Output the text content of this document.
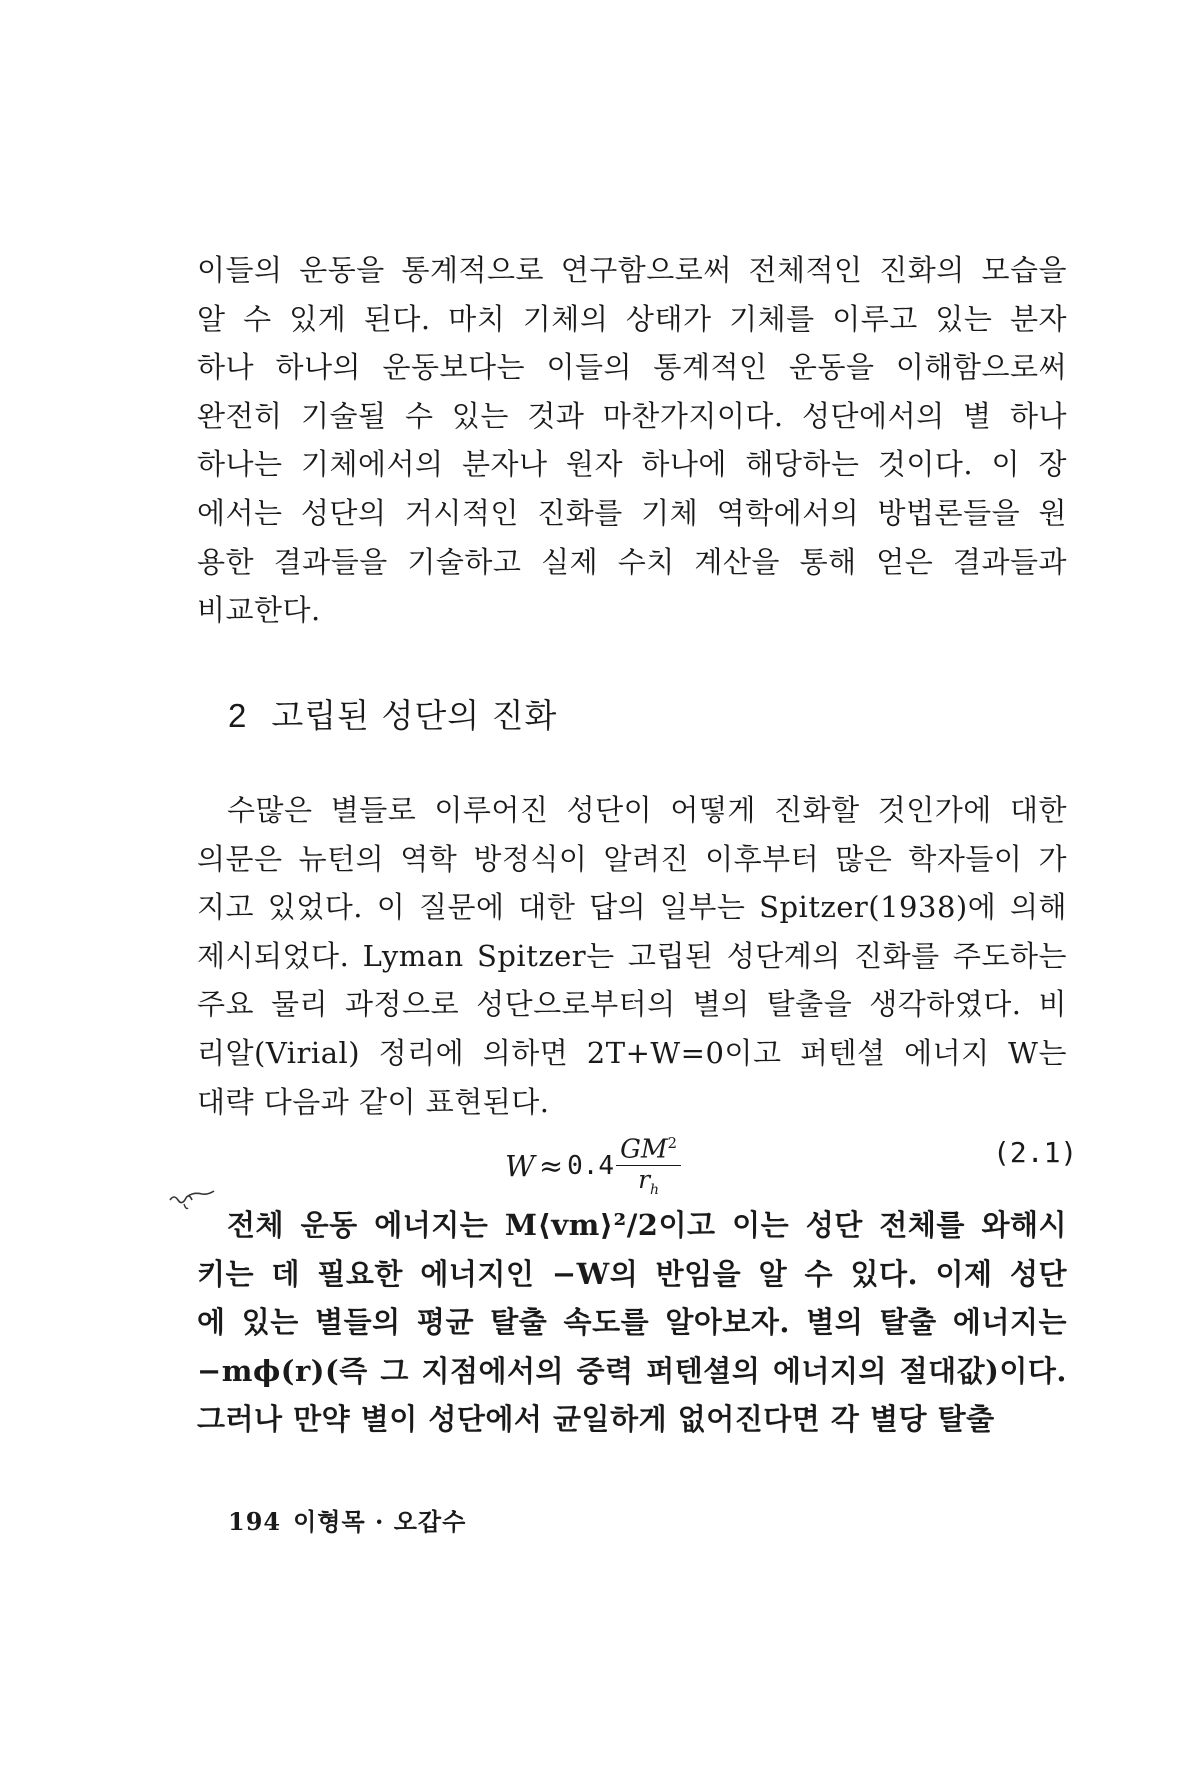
이들의 운동을 통계적으로 연구함으로써 전체적인 진화의 모습을
알 수 있게 된다. 마치 기체의 상태가 기체를 이루고 있는 분자
하나 하나의 운동보다는 이들의 통계적인 운동을 이해함으로써
완전히 기술될 수 있는 것과 마찬가지이다. 성단에서의 별 하나
하나는 기체에서의 분자나 원자 하나에 해당하는 것이다. 이 장
에서는 성단의 거시적인 진화를 기체 역학에서의 방법론들을 원
용한 결과들을 기술하고 실제 수치 계산을 통해 얻은 결과들과
비교한다.
2 고립된 성단의 진화
수많은 별들로 이루어진 성단이 어떻게 진화할 것인가에 대한
의문은 뉴턴의 역학 방정식이 알려진 이후부터 많은 학자들이 가
지고 있었다. 이 질문에 대한 답의 일부는 Spitzer(1938)에 의해
제시되었다. Lyman Spitzer는 고립된 성단계의 진화를 주도하는
주요 물리 과정으로 성단으로부터의 별의 탈출을 생각하였다. 비
리알(Virial) 정리에 의하면 2T+W=0이고 퍼텐셜 에너지 W는
대략 다음과 같이 표현된다.
$W \approx 0.4 \frac{GM^2}{r_h}$	(2.1)
전체 운동 에너지는 M⟨vm⟩²/2이고 이는 성단 전체를 와해시
키는 데 필요한 에너지인 −W의 반임을 알 수 있다. 이제 성단
에 있는 별들의 평균 탈출 속도를 알아보자. 별의 탈출 에너지는
−mϕ(r)(즉 그 지점에서의 중력 퍼텐셜의 에너지의 절대값)이다.
그러나 만약 별이 성단에서 균일하게 없어진다면 각 별당 탈출
194 이형목 · 오갑수
